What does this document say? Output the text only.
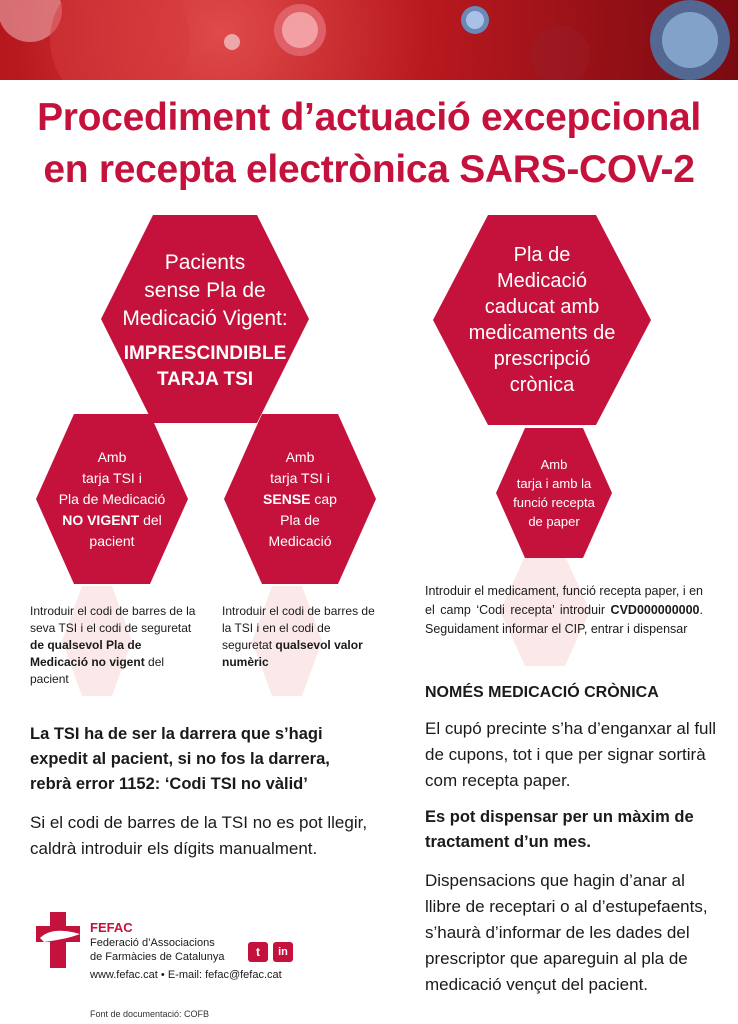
Procediment d’actuació excepcional
en recepta electrònica SARS-COV-2
Pacients
sense Pla de
Medicació Vigent:
IMPRESCINDIBLE
TARJA TSI
Amb
tarja TSI i
Pla de Medicació
NO VIGENT del
pacient
Amb
tarja TSI i
SENSE cap
Pla de
Medicació
Pla de
Medicació
caducat amb
medicaments de
prescripció
crònica
Amb
tarja i amb la
funció recepta
de paper
Introduir el codi de barres de la seva TSI i el codi de seguretat de qualsevol Pla de Medicació no vigent del pacient
Introduir el codi de barres de la TSI i en el codi de seguretat qualsevol valor numèric
Introduir el medicament, funció recepta paper, i en el camp ‘Codi recepta’ introduir CVD000000000. Seguidament informar el CIP, entrar i dispensar
La TSI ha de ser la darrera que s’hagi expedit al pacient, si no fos la darrera, rebrà error 1152: ‘Codi TSI no vàlid’
Si el codi de barres de la TSI no es pot llegir, caldrà introduir els dígits manualment.
NOMÉS MEDICACIÓ CRÒNICA
El cupó precinte s’ha d’enganxar al full de cupons, tot i que per signar sortirà com recepta paper.
Es pot dispensar per un màxim de tractament d’un mes.
Dispensacions que hagin d’anar al llibre de receptari o al d’estupefaents, s’haurà d’informar de les dades del prescriptor que apareguin al pla de medicació vençut del pacient.
FEFAC
Federació d’Associacions
de Farmàcies de Catalunya
www.fefac.cat • E-mail: fefac@fefac.cat
Font de documentació: COFB
t	in
